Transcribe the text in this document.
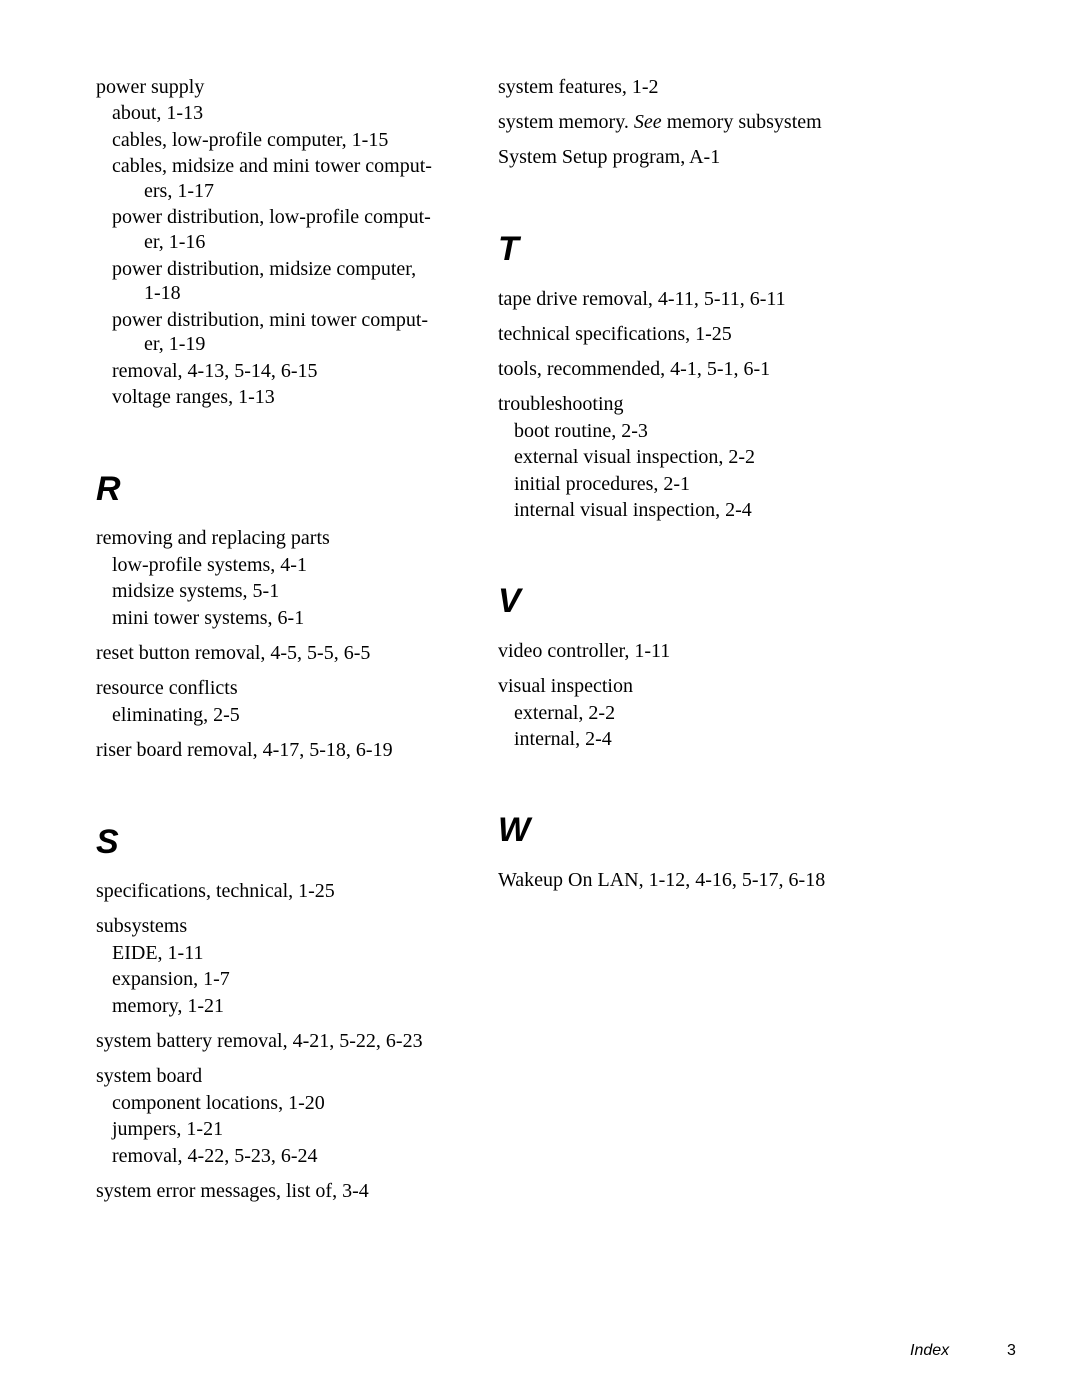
power supply
about, 1-13
cables, low-profile computer, 1-15
cables, midsize and mini tower comput-
ers, 1-17
power distribution, low-profile comput-
er, 1-16
power distribution, midsize computer,
1-18
power distribution, mini tower comput-
er, 1-19
removal, 4-13, 5-14, 6-15
voltage ranges, 1-13
R
removing and replacing parts
low-profile systems, 4-1
midsize systems, 5-1
mini tower systems, 6-1
reset button removal, 4-5, 5-5, 6-5
resource conflicts
eliminating, 2-5
riser board removal, 4-17, 5-18, 6-19
S
specifications, technical, 1-25
subsystems
EIDE, 1-11
expansion, 1-7
memory, 1-21
system battery removal, 4-21, 5-22, 6-23
system board
component locations, 1-20
jumpers, 1-21
removal, 4-22, 5-23, 6-24
system error messages, list of, 3-4
system features, 1-2
system memory. See memory subsystem
System Setup program, A-1
T
tape drive removal, 4-11, 5-11, 6-11
technical specifications, 1-25
tools, recommended, 4-1, 5-1, 6-1
troubleshooting
boot routine, 2-3
external visual inspection, 2-2
initial procedures, 2-1
internal visual inspection, 2-4
V
video controller, 1-11
visual inspection
external, 2-2
internal, 2-4
W
Wakeup On LAN, 1-12, 4-16, 5-17, 6-18
Index	3
